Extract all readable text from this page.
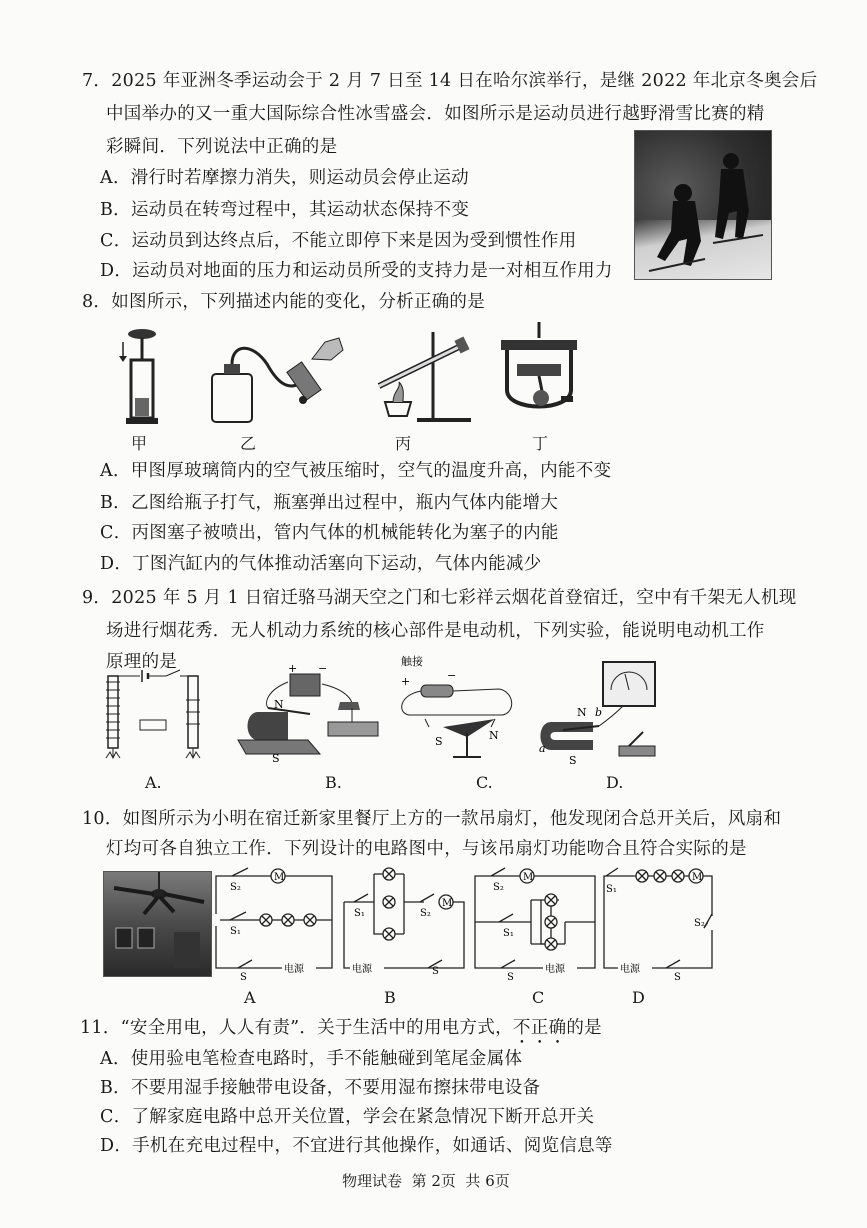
7．2025 年亚洲冬季运动会于 2 月 7 日至 14 日在哈尔滨举行，是继 2022 年北京冬奥会后
中国举办的又一重大国际综合性冰雪盛会．如图所示是运动员进行越野滑雪比赛的精
彩瞬间．下列说法中正确的是
A．滑行时若摩擦力消失，则运动员会停止运动
B．运动员在转弯过程中，其运动状态保持不变
C．运动员到达终点后，不能立即停下来是因为受到惯性作用
D．运动员对地面的压力和运动员所受的支持力是一对相互作用力
8．如图所示，下列描述内能的变化，分析正确的是
甲	乙	丙	丁
A．甲图厚玻璃筒内的空气被压缩时，空气的温度升高，内能不变
B．乙图给瓶子打气，瓶塞弹出过程中，瓶内气体内能增大
C．丙图塞子被喷出，管内气体的机械能转化为塞子的内能
D．丁图汽缸内的气体推动活塞向下运动，气体内能减少
9．2025 年 5 月 1 日宿迁骆马湖天空之门和七彩祥云烟花首登宿迁，空中有千架无人机现
场进行烟花秀．无人机动力系统的核心部件是电动机，下列实验，能说明电动机工作
原理的是
A.
+ −
N
S
B.
触接
+	−
S	N
C.
N b
a
S
D.
10．如图所示为小明在宿迁新家里餐厅上方的一款吊扇灯，他发现闭合总开关后，风扇和
灯均可各自独立工作．下列设计的电路图中，与该吊扇灯功能吻合且符合实际的是
M
S₂
S₁
S
电源
A
M
S₁	S₂
电源	S
B
M
S₂
S₁
S
电源
C
M
S₁
S₂
电源
S
D
11．“安全用电，人人有责”．关于生活中的用电方式，不正确的是
A．使用验电笔检查电路时，手不能触碰到笔尾金属体
B．不要用湿手接触带电设备，不要用湿布擦抹带电设备
C．了解家庭电路中总开关位置，学会在紧急情况下断开总开关
D．手机在充电过程中，不宜进行其他操作，如通话、阅览信息等
物理试卷 第 2页 共 6页
